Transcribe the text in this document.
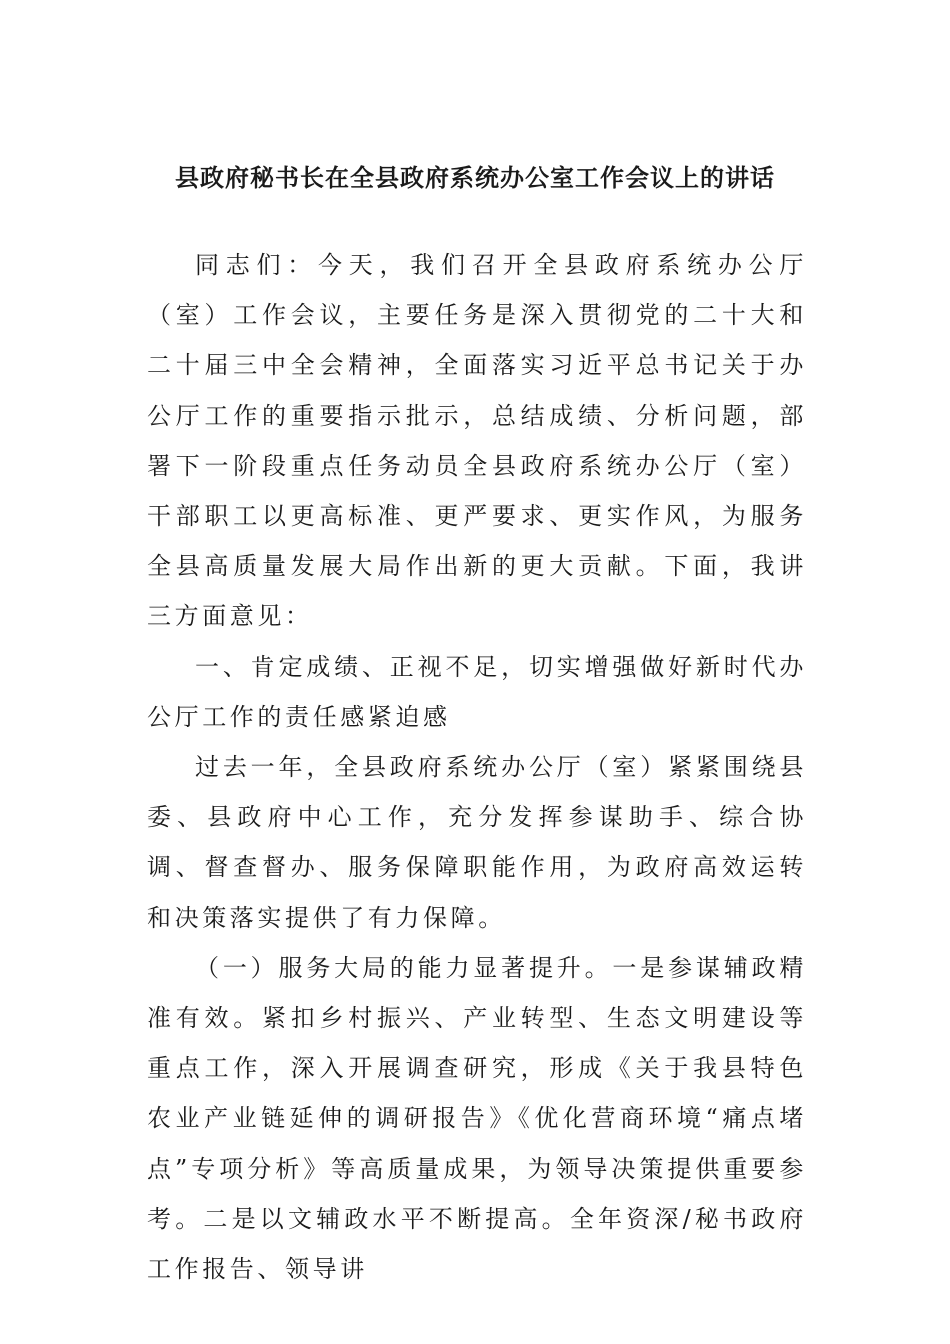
县政府秘书长在全县政府系统办公室工作会议上的讲话

同志们：今天，我们召开全县政府系统办公厅（室）工作会议，主要任务是深入贯彻党的二十大和二十届三中全会精神，全面落实习近平总书记关于办公厅工作的重要指示批示，总结成绩、分析问题，部署下一阶段重点任务动员全县政府系统办公厅（室）干部职工以更高标准、更严要求、更实作风，为服务全县高质量发展大局作出新的更大贡献。下面，我讲三方面意见：

一、肯定成绩、正视不足，切实增强做好新时代办公厅工作的责任感紧迫感

过去一年，全县政府系统办公厅（室）紧紧围绕县委、县政府中心工作，充分发挥参谋助手、综合协调、督查督办、服务保障职能作用，为政府高效运转和决策落实提供了有力保障。

（一）服务大局的能力显著提升。一是参谋辅政精准有效。紧扣乡村振兴、产业转型、生态文明建设等重点工作，深入开展调查研究，形成《关于我县特色农业产业链延伸的调研报告》《优化营商环境“痛点堵点”专项分析》等高质量成果，为领导决策提供重要参考。二是以文辅政水平不断提高。全年资深/秘书政府工作报告、领导讲
